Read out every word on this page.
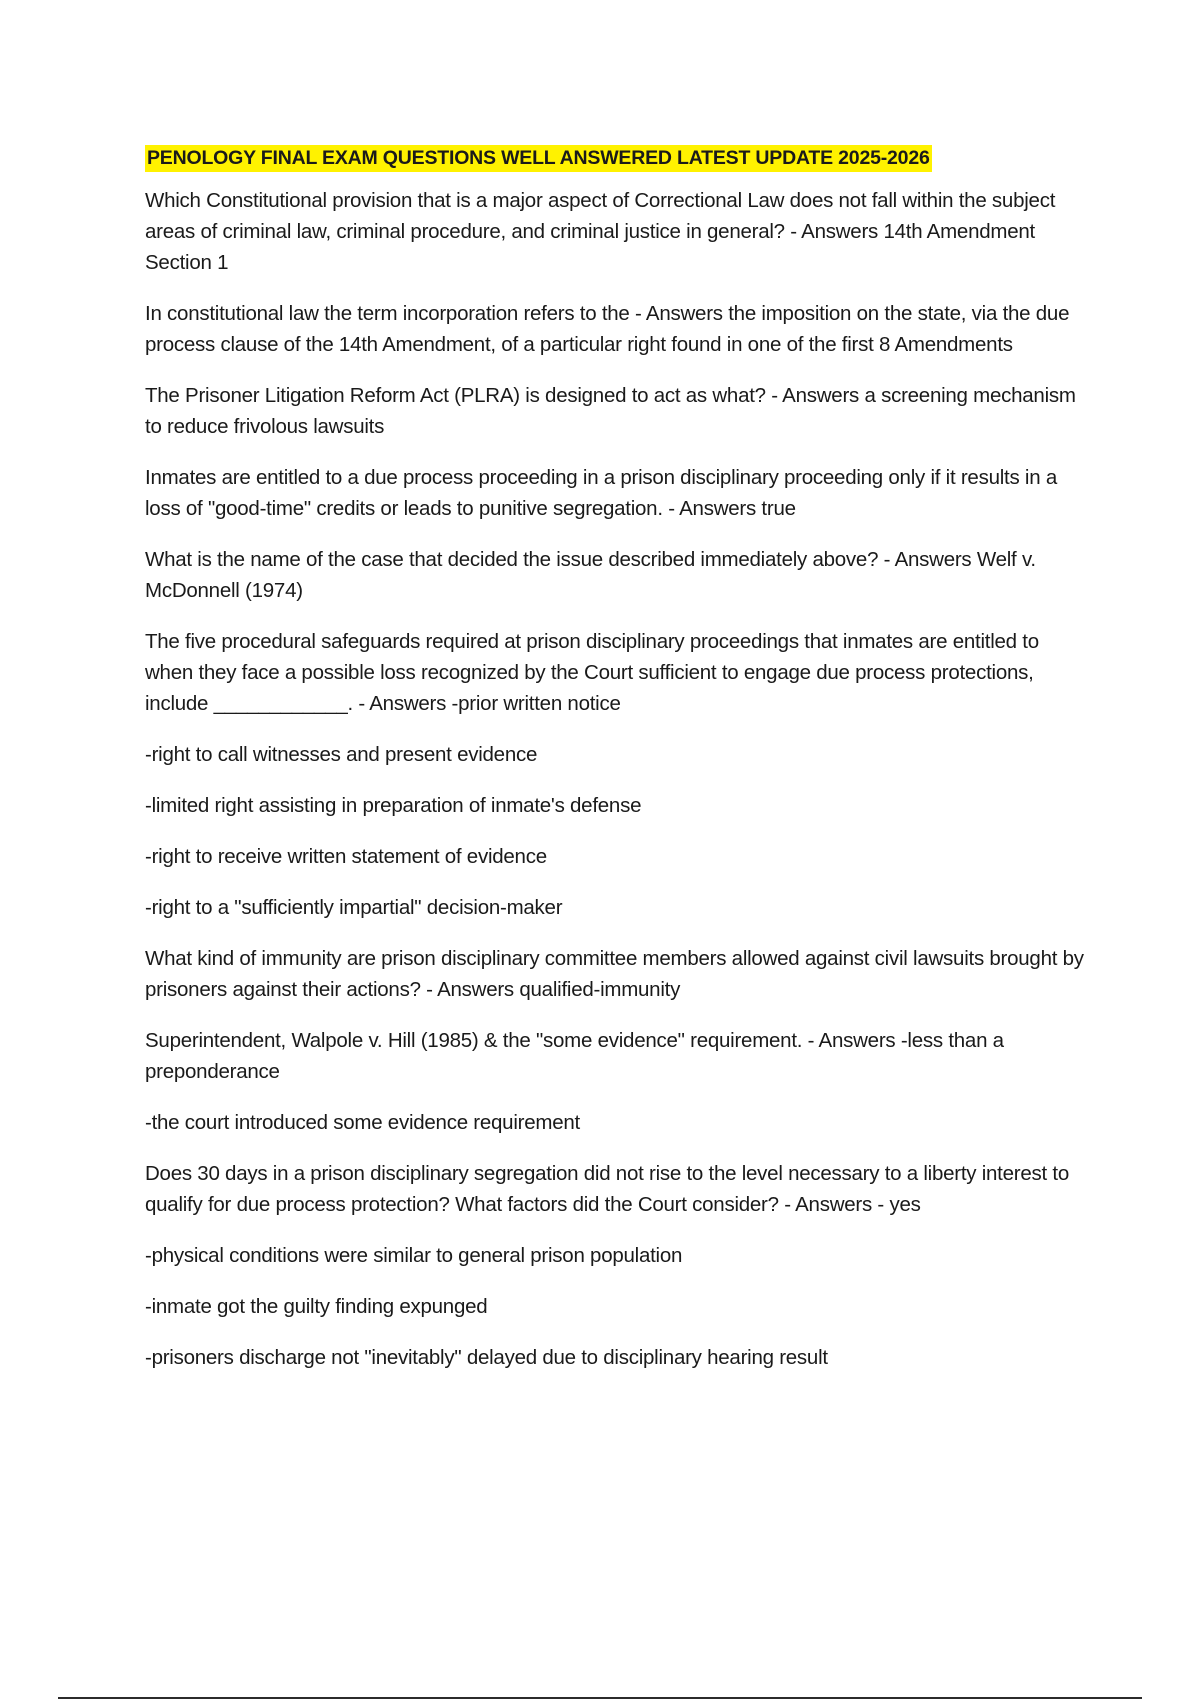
PENOLOGY FINAL EXAM QUESTIONS WELL ANSWERED LATEST UPDATE 2025-2026

Which Constitutional provision that is a major aspect of Correctional Law does not fall within the subject areas of criminal law, criminal procedure, and criminal justice in general? - Answers 14th Amendment Section 1

In constitutional law the term incorporation refers to the - Answers the imposition on the state, via the due process clause of the 14th Amendment, of a particular right found in one of the first 8 Amendments

The Prisoner Litigation Reform Act (PLRA) is designed to act as what? - Answers a screening mechanism to reduce frivolous lawsuits

Inmates are entitled to a due process proceeding in a prison disciplinary proceeding only if it results in a loss of "good-time" credits or leads to punitive segregation. - Answers true

What is the name of the case that decided the issue described immediately above? - Answers Welf v. McDonnell (1974)

The five procedural safeguards required at prison disciplinary proceedings that inmates are entitled to when they face a possible loss recognized by the Court sufficient to engage due process protections, include ____________. - Answers -prior written notice

-right to call witnesses and present evidence

-limited right assisting in preparation of inmate's defense

-right to receive written statement of evidence

-right to a "sufficiently impartial" decision-maker

What kind of immunity are prison disciplinary committee members allowed against civil lawsuits brought by prisoners against their actions? - Answers qualified-immunity

Superintendent, Walpole v. Hill (1985) & the "some evidence" requirement. - Answers -less than a preponderance

-the court introduced some evidence requirement

Does 30 days in a prison disciplinary segregation did not rise to the level necessary to a liberty interest to qualify for due process protection? What factors did the Court consider? - Answers - yes

-physical conditions were similar to general prison population

-inmate got the guilty finding expunged

-prisoners discharge not "inevitably" delayed due to disciplinary hearing result
